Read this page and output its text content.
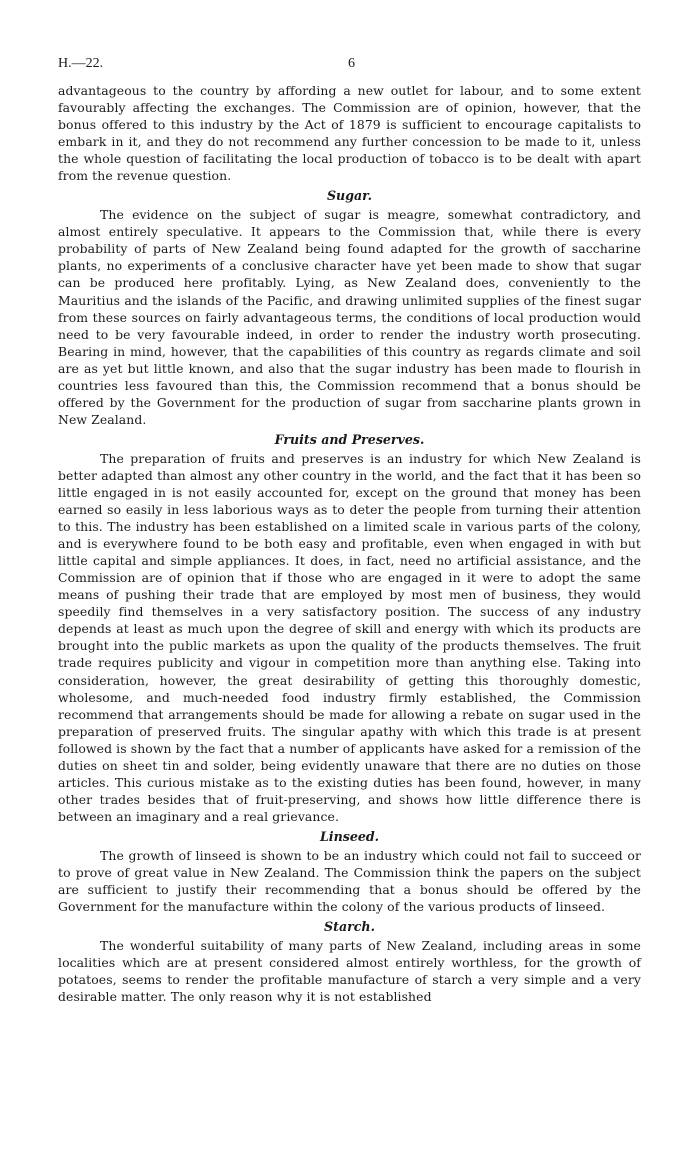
H.—22.	6

advantageous to the country by affording a new outlet for labour, and to some extent favourably affecting the exchanges. The Commission are of opinion, however, that the bonus offered to this industry by the Act of 1879 is sufficient to encourage capitalists to embark in it, and they do not recommend any further concession to be made to it, unless the whole question of facilitating the local production of tobacco is to be dealt with apart from the revenue question.

Sugar.

The evidence on the subject of sugar is meagre, somewhat contradictory, and almost entirely speculative. It appears to the Commission that, while there is every probability of parts of New Zealand being found adapted for the growth of saccharine plants, no experiments of a conclusive character have yet been made to show that sugar can be produced here profitably. Lying, as New Zealand does, conveniently to the Mauritius and the islands of the Pacific, and drawing unlimited supplies of the finest sugar from these sources on fairly advantageous terms, the conditions of local production would need to be very favourable indeed, in order to render the industry worth prosecuting. Bearing in mind, however, that the capabilities of this country as regards climate and soil are as yet but little known, and also that the sugar industry has been made to flourish in countries less favoured than this, the Commission recommend that a bonus should be offered by the Government for the production of sugar from saccharine plants grown in New Zealand.

Fruits and Preserves.

The preparation of fruits and preserves is an industry for which New Zealand is better adapted than almost any other country in the world, and the fact that it has been so little engaged in is not easily accounted for, except on the ground that money has been earned so easily in less laborious ways as to deter the people from turning their attention to this. The industry has been established on a limited scale in various parts of the colony, and is everywhere found to be both easy and profitable, even when engaged in with but little capital and simple appliances. It does, in fact, need no artificial assistance, and the Commission are of opinion that if those who are engaged in it were to adopt the same means of pushing their trade that are employed by most men of business, they would speedily find themselves in a very satisfactory position. The success of any industry depends at least as much upon the degree of skill and energy with which its products are brought into the public markets as upon the quality of the products themselves. The fruit trade requires publicity and vigour in competition more than anything else. Taking into consideration, however, the great desirability of getting this thoroughly domestic, wholesome, and much-needed food industry firmly established, the Commission recommend that arrangements should be made for allowing a rebate on sugar used in the preparation of preserved fruits. The singular apathy with which this trade is at present followed is shown by the fact that a number of applicants have asked for a remission of the duties on sheet tin and solder, being evidently unaware that there are no duties on those articles. This curious mistake as to the existing duties has been found, however, in many other trades besides that of fruit-preserving, and shows how little difference there is between an imaginary and a real grievance.

Linseed.

The growth of linseed is shown to be an industry which could not fail to succeed or to prove of great value in New Zealand. The Commission think the papers on the subject are sufficient to justify their recommending that a bonus should be offered by the Government for the manufacture within the colony of the various products of linseed.

Starch.

The wonderful suitability of many parts of New Zealand, including areas in some localities which are at present considered almost entirely worthless, for the growth of potatoes, seems to render the profitable manufacture of starch a very simple and a very desirable matter. The only reason why it is not established
